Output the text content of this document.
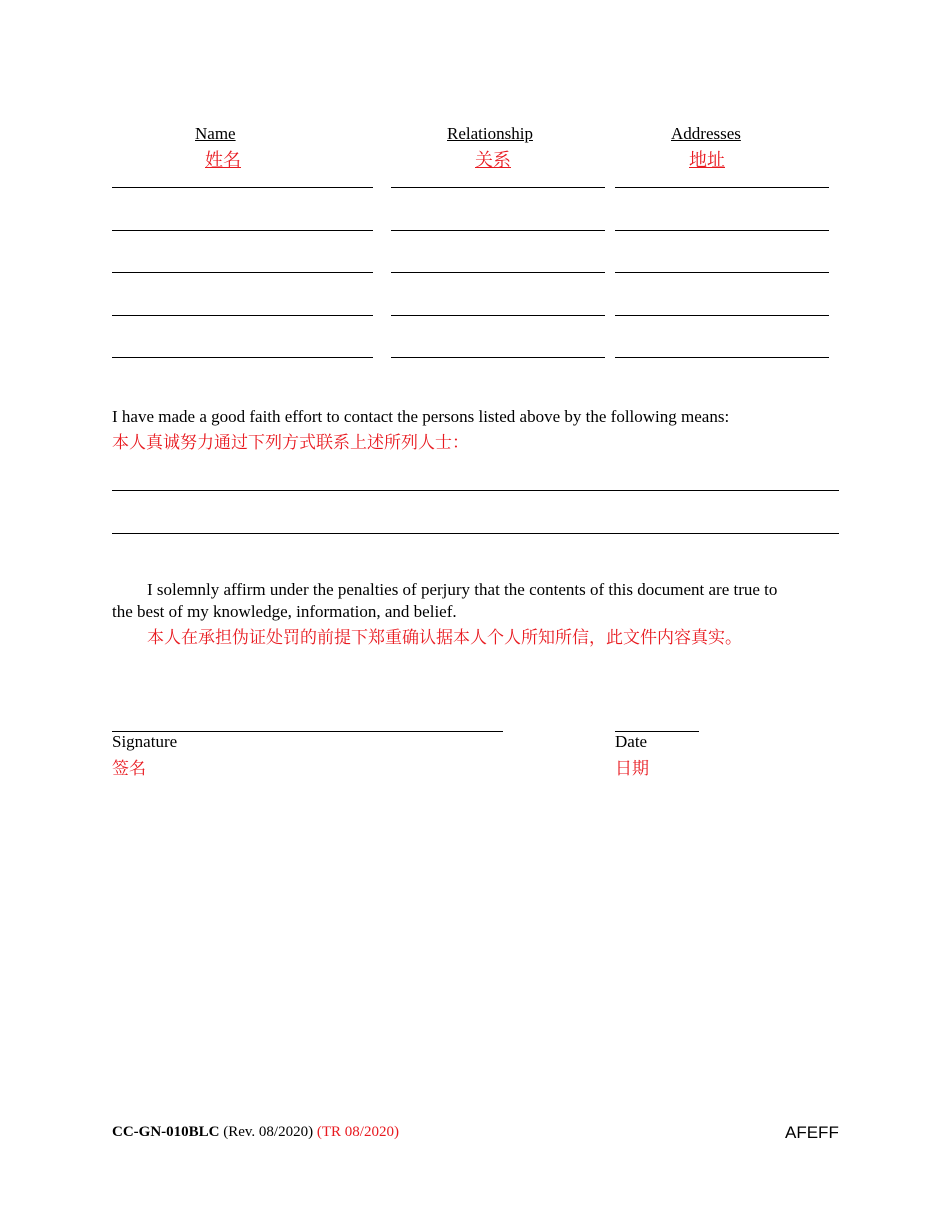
Name
姓名
Relationship
关系
Addresses
地址
I have made a good faith effort to contact the persons listed above by the following means:
本人真诚努力通过下列方式联系上述所列人士：
I solemnly affirm under the penalties of perjury that the contents of this document are true to
the best of my knowledge, information, and belief.
本人在承担伪证处罚的前提下郑重确认据本人个人所知所信，此文件内容真实。
Signature
签名
Date
日期
CC-GN-010BLC (Rev. 08/2020) (TR 08/2020)	AFEFF
